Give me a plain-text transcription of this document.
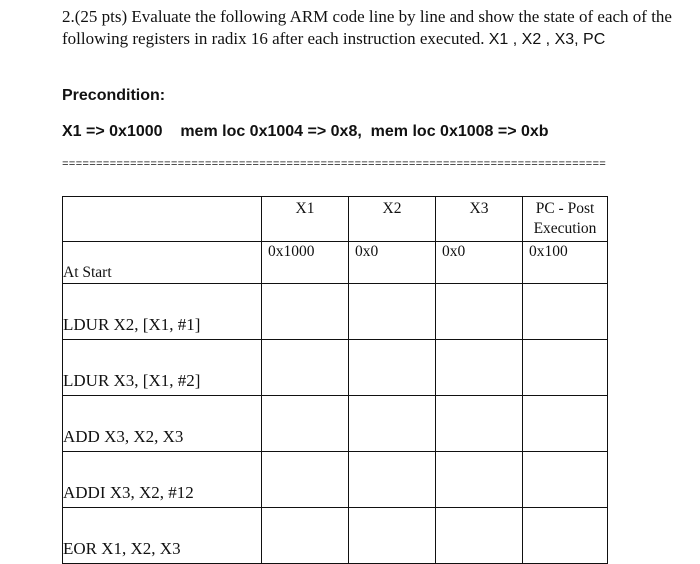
2.(25 pts) Evaluate the following ARM code line by line and show the state of each of the following registers in radix 16 after each instruction executed. X1 , X2 , X3, PC
Precondition:
X1 => 0x1000    mem loc 0x1004 => 0x8,  mem loc 0x1008 => 0xb
================================================================================
	X1	X2	X3	PC - Post Execution
At Start	0x1000	0x0	0x0	0x100
LDUR X2, [X1, #1]				
LDUR X3, [X1, #2]				
ADD X3, X2, X3				
ADDI X3, X2, #12				
EOR X1, X2, X3				
